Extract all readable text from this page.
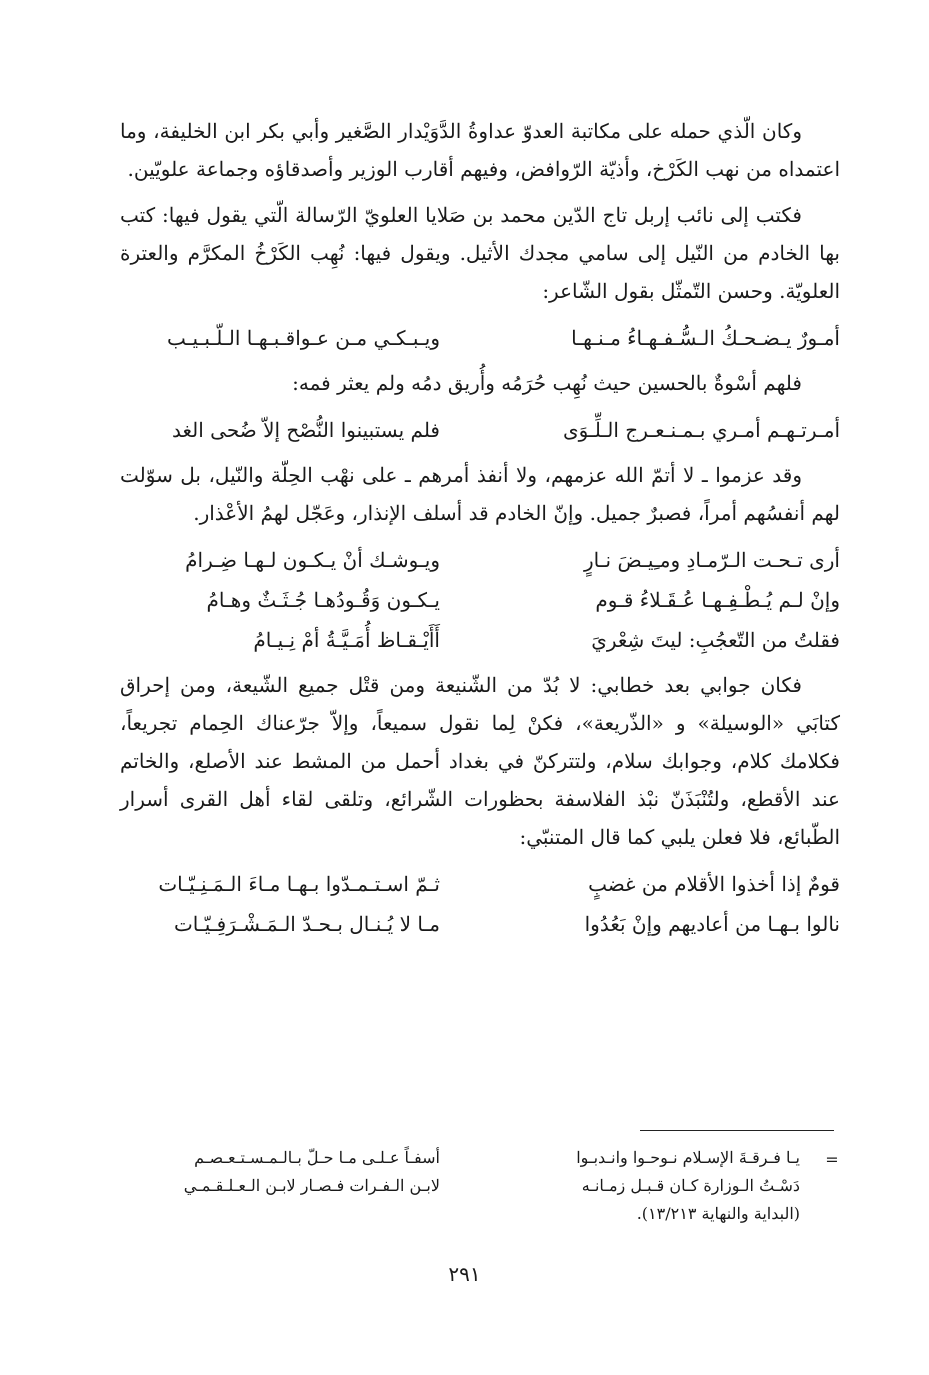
وكان الّذي حمله على مكاتبة العدوّ عداوةُ الدَّوَيْدار الصَّغير وأبي بكر ابن الخليفة، وما اعتمداه من نهب الكَرْخ، وأذيّة الرّوافض، وفيهم أقارب الوزير وأصدقاؤه وجماعة علويّين.

فكتب إلى نائب إربل تاج الدّين محمد بن صَلايا العلويّ الرّسالة الّتي يقول فيها: كتب بها الخادم من النّيل إلى سامي مجدك الأثيل. ويقول فيها: نُهِب الكَرْخُ المكرَّم والعترة العلويّة. وحسن التّمثّل بقول الشّاعر:

أمـورٌ يـضـحـكُ الـسُّـفـهـاءُ مـنـهـا
ويـبـكـي مـن عـواقـبـهـا الـلّـبـيـب

فلهم أسْوةٌ بالحسين حيث نُهِب حُرَمُه وأُريق دمُه ولم يعثر فمه:

أمـرتـهـم أمـري بـمـنـعـرج الـلِّـوَى
فلم يستبينوا النُّصْح إلاّ ضُحى الغد

وقد عزموا ـ لا أتمّ الله عزمهم، ولا أنفذ أمرهم ـ على نهْب الحِلّة والنّيل، بل سوّلت لهم أنفسُهم أمراً، فصبرٌ جميل. وإنّ الخادم قد أسلف الإنذار، وعَجّل لهمُ الأعْذار.

أرى تـحـت الـرّمـادِ ومـِيـضَ نـارٍ
ويـوشـك أنْ يـكـون لـهـا ضِـرامُ
وإنْ لـم يُـطْـفِـهـا عُـقَـلاءُ قـوم
يـكـون وَقُـودُهـا جُـثَـثٌ وهـامُ
فقلتُ من التّعجُبِ: ليتَ شِعْريَ
أَأَيْـقـاظ أُمَـيَّـةُ أمْ نِـيـامُ

فكان جوابي بعد خطابي: لا بُدّ من الشّنيعة ومن قتْل جميع الشّيعة، ومن إحراق كتابَي «الوسيلة» و «الذّريعة»، فكنْ لِما نقول سميعاً، وإلاّ جرّعناك الحِمام تجريعاً، فكلامك كلام، وجوابك سلام، ولتتركنّ في بغداد أحمل من المشط عند الأصلع، والخاتم عند الأقطع، ولتُنْبَذَنّ نبْذ الفلاسفة بحظورات الشّرائع، وتلقى لقاء أهل القرى أسرار الطّبائع، فلا فعلن يلبي كما قال المتنبّي:

قومٌ إذا أخذوا الأقلام من غضبٍ
ثـمّ اسـتـمـدّوا بـهـا مـاءَ الـمَـنِـيّـات
نالوا بـهـا من أعاديهم وإنْ بَعُدُوا
مـا لا يُـنـال بـحـدّ الـمَـشْـرَفِـيّـات
=
يـا فـرقـةَ الإسـلام نـوحـوا وانـدبـوا
أسفـاً عـلـى مـا حـلّ بـالـمـسـتـعـصـم
دَسْـتُ الـوزارة كـان قـبـل زمـانـه
لابـن الـفـرات فـصـار لابـن الـعـلـقـمـي
(البداية والنهاية ١٣/٢١٣).
٢٩١
